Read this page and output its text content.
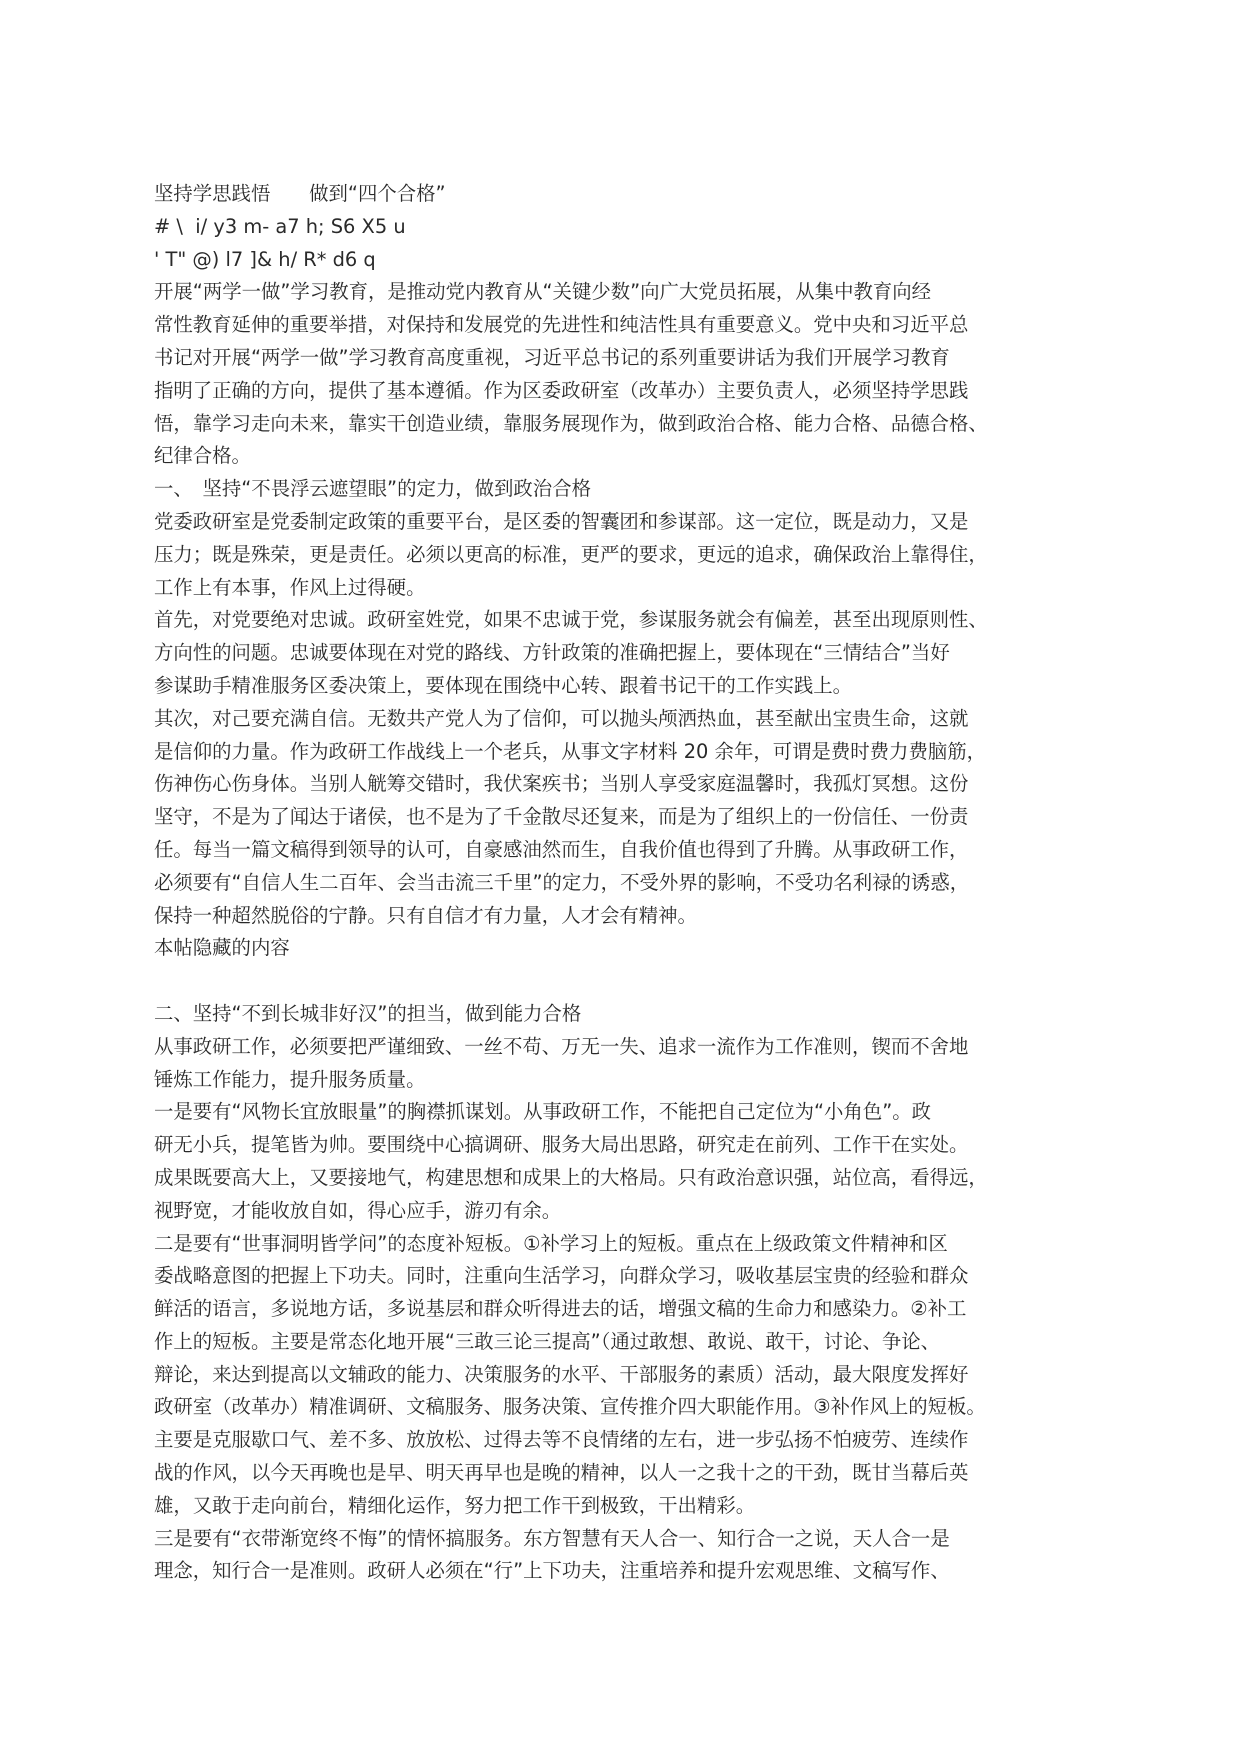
坚持学思践悟　　做到“四个合格”
# \  i/ y3 m- a7 h; S6 X5 u
' T" @) l7 ]& h/ R* d6 q
开展“两学一做”学习教育，是推动党内教育从“关键少数”向广大党员拓展，从集中教育向经
常性教育延伸的重要举措，对保持和发展党的先进性和纯洁性具有重要意义。党中央和习近平总
书记对开展“两学一做”学习教育高度重视，习近平总书记的系列重要讲话为我们开展学习教育
指明了正确的方向，提供了基本遵循。作为区委政研室（改革办）主要负责人，必须坚持学思践
悟，靠学习走向未来，靠实干创造业绩，靠服务展现作为，做到政治合格、能力合格、品德合格、
纪律合格。
一、　坚持“不畏浮云遮望眼”的定力，做到政治合格
党委政研室是党委制定政策的重要平台，是区委的智囊团和参谋部。这一定位，既是动力，又是
压力；既是殊荣，更是责任。必须以更高的标准，更严的要求，更远的追求，确保政治上靠得住，
工作上有本事，作风上过得硬。
首先，对党要绝对忠诚。政研室姓党，如果不忠诚于党，参谋服务就会有偏差，甚至出现原则性、
方向性的问题。忠诚要体现在对党的路线、方针政策的准确把握上，要体现在“三情结合”当好
参谋助手精准服务区委决策上，要体现在围绕中心转、跟着书记干的工作实践上。
其次，对己要充满自信。无数共产党人为了信仰，可以抛头颅洒热血，甚至献出宝贵生命，这就
是信仰的力量。作为政研工作战线上一个老兵，从事文字材料 20 余年，可谓是费时费力费脑筋，
伤神伤心伤身体。当别人觥筹交错时，我伏案疾书；当别人享受家庭温馨时，我孤灯冥想。这份
坚守，不是为了闻达于诸侯，也不是为了千金散尽还复来，而是为了组织上的一份信任、一份责
任。每当一篇文稿得到领导的认可，自豪感油然而生，自我价值也得到了升腾。从事政研工作，
必须要有“自信人生二百年、会当击流三千里”的定力，不受外界的影响，不受功名利禄的诱惑，
保持一种超然脱俗的宁静。只有自信才有力量，人才会有精神。
本帖隐藏的内容
二、坚持“不到长城非好汉”的担当，做到能力合格
从事政研工作，必须要把严谨细致、一丝不苟、万无一失、追求一流作为工作准则，锲而不舍地
锤炼工作能力，提升服务质量。
一是要有“风物长宜放眼量”的胸襟抓谋划。从事政研工作，不能把自己定位为“小角色”。政
研无小兵，提笔皆为帅。要围绕中心搞调研、服务大局出思路，研究走在前列、工作干在实处。
成果既要高大上，又要接地气，构建思想和成果上的大格局。只有政治意识强，站位高，看得远，
视野宽，才能收放自如，得心应手，游刃有余。
二是要有“世事洞明皆学问”的态度补短板。①补学习上的短板。重点在上级政策文件精神和区
委战略意图的把握上下功夫。同时，注重向生活学习，向群众学习，吸收基层宝贵的经验和群众
鲜活的语言，多说地方话，多说基层和群众听得进去的话，增强文稿的生命力和感染力。②补工
作上的短板。主要是常态化地开展“三敢三论三提高”（通过敢想、敢说、敢干，讨论、争论、
辩论，来达到提高以文辅政的能力、决策服务的水平、干部服务的素质）活动，最大限度发挥好
政研室（改革办）精准调研、文稿服务、服务决策、宣传推介四大职能作用。③补作风上的短板。
主要是克服歇口气、差不多、放放松、过得去等不良情绪的左右，进一步弘扬不怕疲劳、连续作
战的作风，以今天再晚也是早、明天再早也是晚的精神，以人一之我十之的干劲，既甘当幕后英
雄，又敢于走向前台，精细化运作，努力把工作干到极致，干出精彩。
三是要有“衣带渐宽终不悔”的情怀搞服务。东方智慧有天人合一、知行合一之说，天人合一是
理念，知行合一是准则。政研人必须在“行”上下功夫，注重培养和提升宏观思维、文稿写作、
